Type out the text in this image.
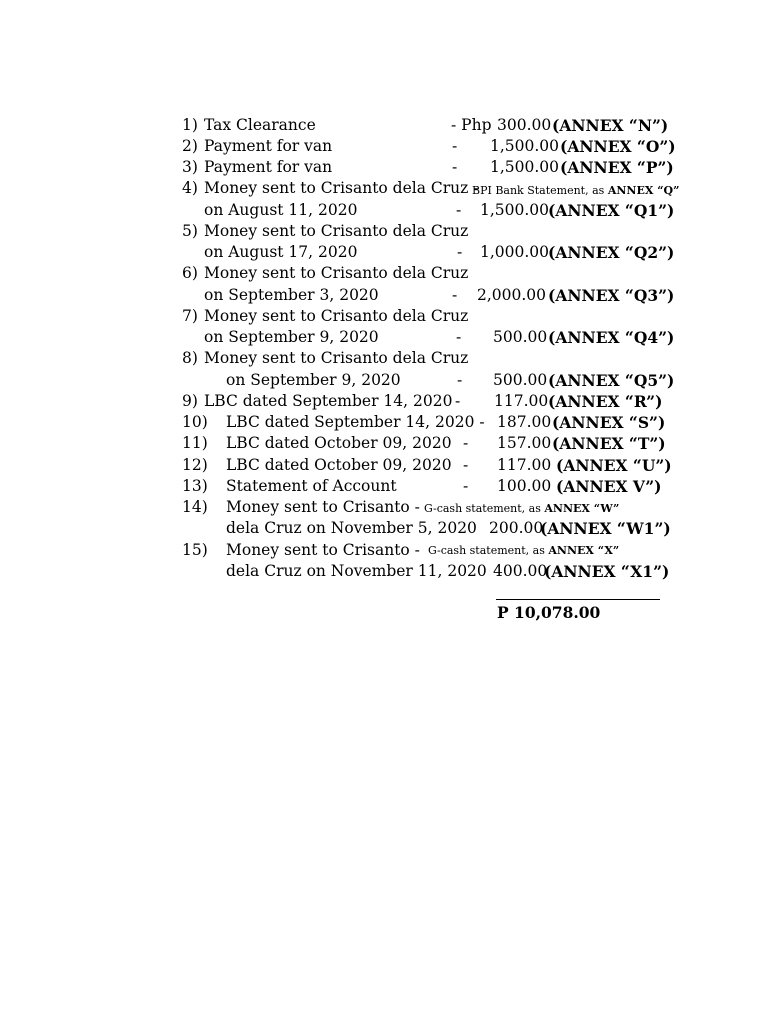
1) Tax Clearance	- Php 300.00 (ANNEX “N”)
2) Payment for van	- 1,500.00 (ANNEX “O”)
3) Payment for van	- 1,500.00 (ANNEX “P”)
4) Money sent to Crisanto dela Cruz -
BPI Bank Statement, as ANNEX “Q”
on August 11, 2020	- 1,500.00
(ANNEX “Q1”)
5) Money sent to Crisanto dela Cruz
on August 17, 2020	- 1,000.00
(ANNEX “Q2”)
6) Money sent to Crisanto dela Cruz
on September 3, 2020	- 2,000.00 (ANNEX “Q3”)
7) Money sent to Crisanto dela Cruz
on September 9, 2020	- 500.00 (ANNEX “Q4”)
8) Money sent to Crisanto dela Cruz
on September 9, 2020	- 500.00 (ANNEX “Q5”)
9) LBC dated September 14, 2020 - 117.00 (ANNEX “R”)
10) LBC dated September 14, 2020 - 187.00 (ANNEX “S”)
11) LBC dated October 09, 2020 - 157.00 (ANNEX “T”)
12) LBC dated October 09, 2020 - 117.00 (ANNEX “U”)
13) Statement of Account	- 100.00 (ANNEX V”)
14) Money sent to Crisanto - G-cash statement, as ANNEX “W”
dela Cruz on November 5, 2020 200.00
(ANNEX “W1”)
15) Money sent to Crisanto - G-cash statement, as ANNEX “X”
dela Cruz on November 11, 2020 400.00
(ANNEX “X1”)
P 10,078.00
